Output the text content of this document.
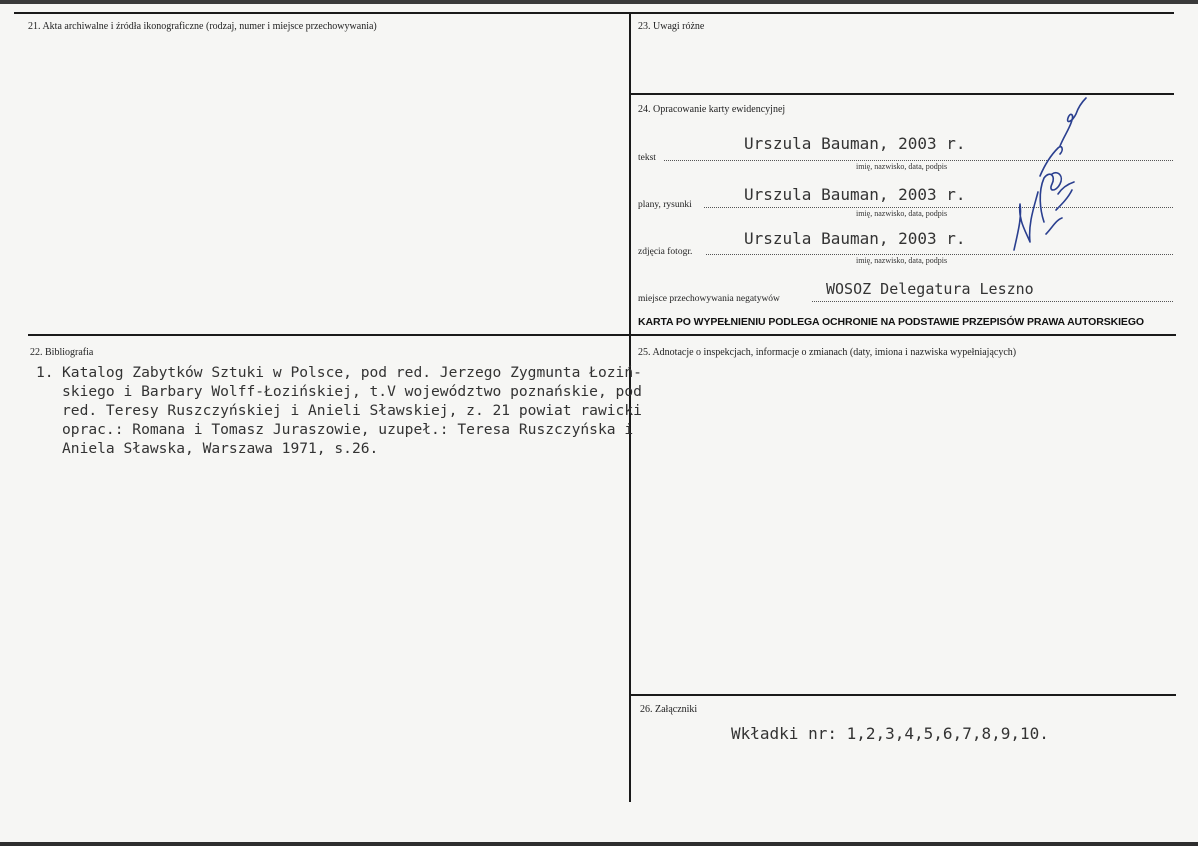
21. Akta archiwalne i źródła ikonograficzne (rodzaj, numer i miejsce przechowywania)	23. Uwagi różne
24. Opracowanie karty ewidencyjnej
Urszula Bauman, 2003 r.
tekst
imię, nazwisko, data, podpis
Urszula Bauman, 2003 r.
plany, rysunki
imię, nazwisko, data, podpis
Urszula Bauman, 2003 r.
zdjęcia fotogr.
imię, nazwisko, data, podpis
WOSOZ Delegatura Leszno
miejsce przechowywania negatywów
KARTA PO WYPEŁNIENIU PODLEGA OCHRONIE NA PODSTAWIE PRZEPISÓW PRAWA AUTORSKIEGO
22. Bibliografia
1. Katalog Zabytków Sztuki w Polsce, pod red. Jerzego Zygmunta Łoziń-
skiego i Barbary Wolff-Łozińskiej, t.V województwo poznańskie, pod
red. Teresy Ruszczyńskiej i Anieli Sławskiej, z. 21 powiat rawicki
oprac.: Romana i Tomasz Juraszowie, uzupeł.: Teresa Ruszczyńska i
Aniela Sławska, Warszawa 1971, s.26.
25. Adnotacje o inspekcjach, informacje o zmianach (daty, imiona i nazwiska wypełniających)
26. Załączniki
Wkładki nr: 1,2,3,4,5,6,7,8,9,10.
